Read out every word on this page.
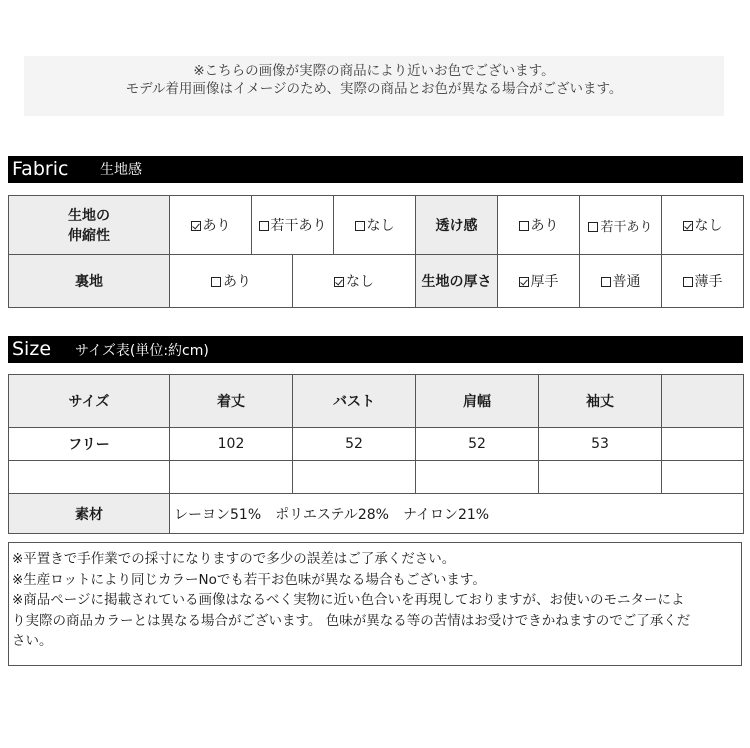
※こちらの画像が実際の商品により近いお色でございます。
モデル着用画像はイメージのため、実際の商品とお色が異なる場合がございます。
Fabric 生地感
生地の
伸縮性	あり	若干あり		なし	透け感	あり	若干あり	なし
裏地	あり		なし		生地の厚さ	厚手	普通	薄手
Size サイズ表(単位:約cm)
サイズ	着丈	バスト	肩幅	袖丈	
フリー	102	52	52	53	

素材	レーヨン51%　ポリエステル28%　ナイロン21%				
※平置きで手作業での採寸になりますので多少の誤差はご了承ください。
※生産ロットにより同じカラーNoでも若干お色味が異なる場合もございます。
※商品ページに掲載されている画像はなるべく実物に近い色合いを再現しておりますが、お使いのモニターによ
り実際の商品カラーとは異なる場合がございます。 色味が異なる等の苦情はお受けできかねますのでご了承くだ
さい。
